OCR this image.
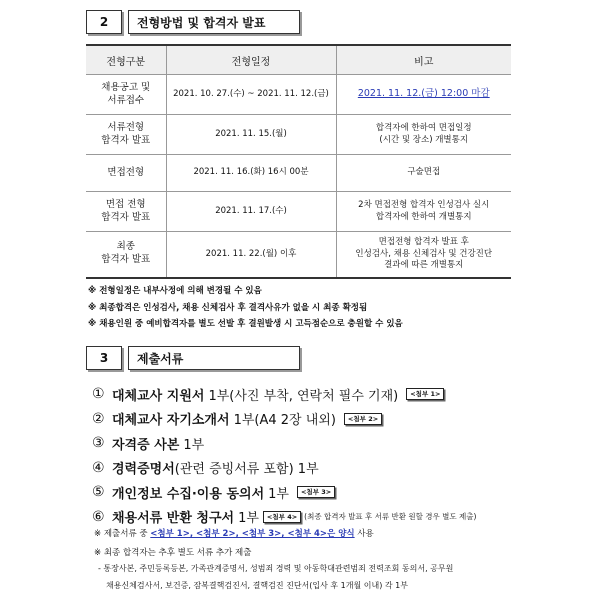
2	전형방법 및 합격자 발표
전형구분	전형일정	비고
채용공고 및
서류접수	2021. 10. 27.(수) ~ 2021. 11. 12.(금)	2021. 11. 12.(금) 12:00 마감
서류전형
합격자 발표	2021. 11. 15.(월)	합격자에 한하여 면접일정
(시간 및 장소) 개별통지
면접전형	2021. 11. 16.(화) 16시 00분	구술면접
면접 전형
합격자 발표	2021. 11. 17.(수)	2차 면접전형 합격자 인성검사 실시
합격자에 한하여 개별통지
최종
합격자 발표	2021. 11. 22.(월) 이후	면접전형 합격자 발표 후
인성검사, 채용 신체검사 및 건강진단
결과에 따른 개별통지
※ 전형일정은 내부사정에 의해 변경될 수 있음
※ 최종합격은 인성검사, 채용 신체검사 후 결격사유가 없을 시 최종 확정됨
※ 채용인원 중 예비합격자를 별도 선발 후 결원발생 시 고득점순으로 충원할 수 있음
3	제출서류
① 대체교사 지원서 1부(사진 부착, 연락처 필수 기재)	<첨부 1>
② 대체교사 자기소개서 1부(A4 2장 내외)	<첨부 2>
③ 자격증 사본 1부
④ 경력증명서 (관련 증빙서류 포함) 1부
⑤ 개인정보 수집·이용 동의서 1부	<첨부 3>
⑥ 채용서류 반환 청구서 1부	<첨부 4> (최종 합격자 발표 후 서류 반환 원할 경우 별도 제출)
※ 제출서류 중 <첨부 1>, <첨부 2>, <첨부 3>, <첨부 4>은 양식 사용
※ 최종 합격자는 추후 별도 서류 추가 제출
- 통장사본, 주민등록등본, 가족관계증명서, 성범죄 경력 및 아동학대관련범죄 전력조회 동의서, 공무원
채용신체검사서, 보건증, 잠복결핵검진서, 결핵검진 진단서(입사 후 1개월 이내) 각 1부
